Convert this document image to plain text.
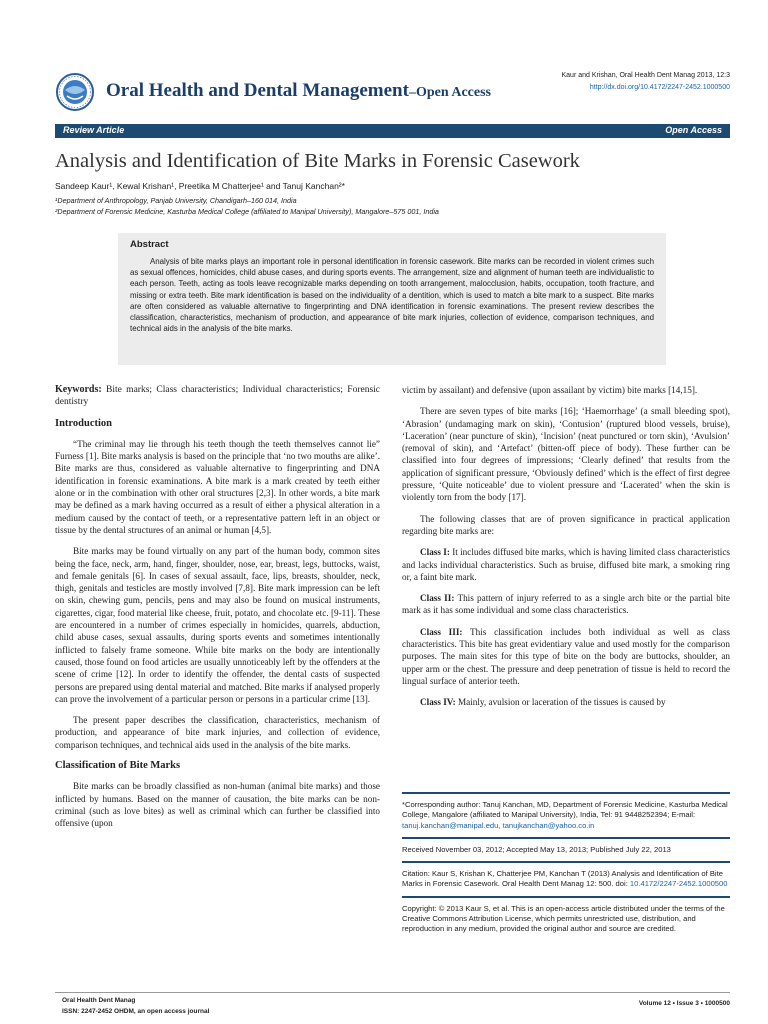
Oral Health and Dental Management–Open Access
Kaur and Krishan, Oral Health Dent Manag 2013, 12:3
http://dx.doi.org/10.4172/2247-2452.1000500
Review Article	Open Access
Analysis and Identification of Bite Marks in Forensic Casework
Sandeep Kaur¹, Kewal Krishan¹, Preetika M Chatterjee¹ and Tanuj Kanchan²*
¹Department of Anthropology, Panjab University, Chandigarh–160 014, India
²Department of Forensic Medicine, Kasturba Medical College (affiliated to Manipal University), Mangalore–575 001, India
Abstract

Analysis of bite marks plays an important role in personal identification in forensic casework. Bite marks can be recorded in violent crimes such as sexual offences, homicides, child abuse cases, and during sports events. The arrangement, size and alignment of human teeth are individualistic to each person. Teeth, acting as tools leave recognizable marks depending on tooth arrangement, malocclusion, habits, occupation, tooth fracture, and missing or extra teeth. Bite mark identification is based on the individuality of a dentition, which is used to match a bite mark to a suspect. Bite marks are often considered as valuable alternative to fingerprinting and DNA identification in forensic examinations. The present review describes the classification, characteristics, mechanism of production, and appearance of bite mark injuries, collection of evidence, comparison techniques, and technical aids in the analysis of the bite marks.

Keywords: Bite marks; Class characteristics; Individual characteristics; Forensic dentistry

Introduction

“The criminal may lie through his teeth though the teeth themselves cannot lie” Furness [1]. Bite marks analysis is based on the principle that ‘no two mouths are alike’. Bite marks are thus, considered as valuable alternative to fingerprinting and DNA identification in forensic examinations. A bite mark is a mark created by teeth either alone or in the combination with other oral structures [2,3]. In other words, a bite mark may be defined as a mark having occurred as a result of either a physical alteration in a medium caused by the contact of teeth, or a representative pattern left in an object or tissue by the dental structures of an animal or human [4,5].

Bite marks may be found virtually on any part of the human body, common sites being the face, neck, arm, hand, finger, shoulder, nose, ear, breast, legs, buttocks, waist, and female genitals [6]. In cases of sexual assault, face, lips, breasts, shoulder, neck, thigh, genitals and testicles are mostly involved [7,8]. Bite mark impression can be left on skin, chewing gum, pencils, pens and may also be found on musical instruments, cigarettes, cigar, food material like cheese, fruit, potato, and chocolate etc. [9-11]. These are encountered in a number of crimes especially in homicides, quarrels, abduction, child abuse cases, sexual assaults, during sports events and sometimes intentionally inflicted to falsely frame someone. While bite marks on the body are intentionally caused, those found on food articles are usually unnoticeably left by the offenders at the scene of crime [12]. In order to identify the offender, the dental casts of suspected persons are prepared using dental material and matched. Bite marks if analysed properly can prove the involvement of a particular person or persons in a particular crime [13].

The present paper describes the classification, characteristics, mechanism of production, and appearance of bite mark injuries, and collection of evidence, comparison techniques, and technical aids used in the analysis of the bite marks.

Classification of Bite Marks

Bite marks can be broadly classified as non-human (animal bite marks) and those inflicted by humans. Based on the manner of causation, the bite marks can be non-criminal (such as love bites) as well as criminal which can further be classified into offensive (upon

victim by assailant) and defensive (upon assailant by victim) bite marks [14,15].

There are seven types of bite marks [16]; ‘Haemorrhage’ (a small bleeding spot), ‘Abrasion’ (undamaging mark on skin), ‘Contusion’ (ruptured blood vessels, bruise), ‘Laceration’ (near puncture of skin), ‘Incision’ (neat punctured or torn skin), ‘Avulsion’ (removal of skin), and ‘Artefact’ (bitten-off piece of body). These further can be classified into four degrees of impressions; ‘Clearly defined’ that results from the application of significant pressure, ‘Obviously defined’ which is the effect of first degree pressure, ‘Quite noticeable’ due to violent pressure and ‘Lacerated’ when the skin is violently torn from the body [17].

The following classes that are of proven significance in practical application regarding bite marks are:

Class I: It includes diffused bite marks, which is having limited class characteristics and lacks individual characteristics. Such as bruise, diffused bite mark, a smoking ring or, a faint bite mark.

Class II: This pattern of injury referred to as a single arch bite or the partial bite mark as it has some individual and some class characteristics.

Class III: This classification includes both individual as well as class characteristics. This bite has great evidentiary value and used mostly for the comparison purposes. The main sites for this type of bite on the body are buttocks, shoulder, an upper arm or the chest. The pressure and deep penetration of tissue is held to record the lingual surface of anterior teeth.

Class IV: Mainly, avulsion or laceration of the tissues is caused by

*Corresponding author: Tanuj Kanchan, MD, Department of Forensic Medicine, Kasturba Medical College, Mangalore (affiliated to Manipal University), India, Tel: 91 9448252394; E-mail: tanuj.kanchan@manipal.edu, tanujkanchan@yahoo.co.in
Received November 03, 2012; Accepted May 13, 2013; Published July 22, 2013
Citation: Kaur S, Krishan K, Chatterjee PM, Kanchan T (2013) Analysis and Identification of Bite Marks in Forensic Casework. Oral Health Dent Manag 12: 500. doi: 10.4172/2247-2452.1000500
Copyright: © 2013 Kaur S, et al. This is an open-access article distributed under the terms of the Creative Commons Attribution License, which permits unrestricted use, distribution, and reproduction in any medium, provided the original author and source are credited.
Oral Health Dent Manag
ISSN: 2247-2452 OHDM, an open access journal
Volume 12 • Issue 3 • 1000500
